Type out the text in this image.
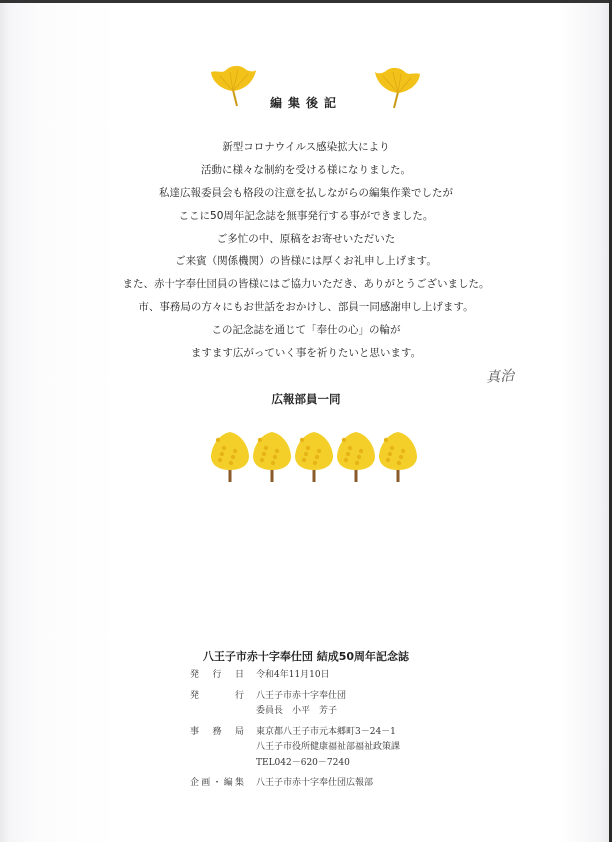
編集後記
新型コロナウイルス感染拡大により
活動に様々な制約を受ける様になりました。
私達広報委員会も格段の注意を払しながらの編集作業でしたが
ここに50周年記念誌を無事発行する事ができました。
ご多忙の中、原稿をお寄せいただいた
ご来賓（関係機関）の皆様には厚くお礼申し上げます。
また、赤十字奉仕団員の皆様にはご協力いただき、ありがとうございました。
市、事務局の方々にもお世話をおかけし、部員一同感謝申し上げます。
この記念誌を通じて「奉仕の心」の輪が
ますます広がっていく事を祈りたいと思います。
真治
広報部員一同
八王子市赤十字奉仕団 結成50周年記念誌
発行日	令和4年11月10日
発行	八王子市赤十字奉仕団
委員長　小平　芳子
事務局	東京都八王子市元本郷町3－24－1
八王子市役所健康福祉部福祉政策課
TEL042－620－7240
企画・編集	八王子市赤十字奉仕団広報部
